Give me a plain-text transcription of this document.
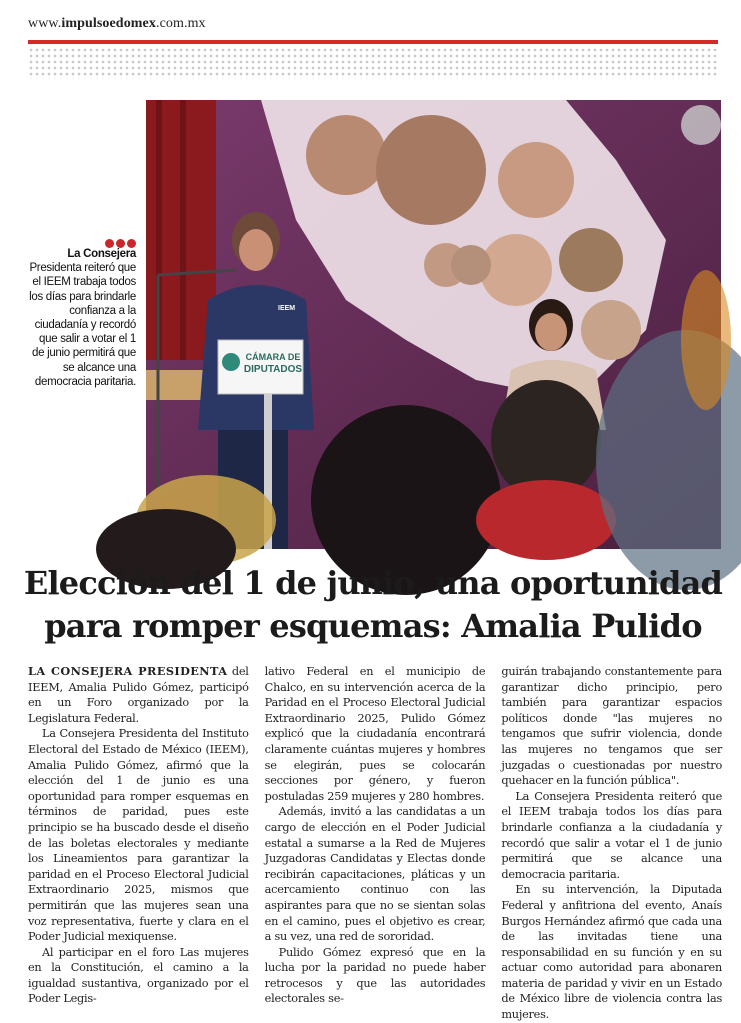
www.impulsoedomex.com.mx
CÁMARA DE
DIPUTADOS
IEEM

La Consejera Presidenta reiteró que el IEEM trabaja todos los días para brindarle confianza a la ciudadanía y recordó que salir a votar el 1 de junio permitirá que se alcance una democracia paritaria.

Elección del 1 de junio, una oportunidad para romper esquemas: Amalia Pulido

LA CONSEJERA PRESIDENTA del IEEM, Amalia Pulido Gómez, participó en un Foro organizado por la Legislatura Federal.

La Consejera Presidenta del Instituto Electoral del Estado de México (IEEM), Amalia Pulido Gómez, afirmó que la elección del 1 de junio es una oportunidad para romper esquemas en términos de paridad, pues este principio se ha buscado desde el diseño de las boletas electorales y mediante los Lineamientos para garantizar la paridad en el Proceso Electoral Judicial Extraordinario 2025, mismos que permitirán que las mujeres sean una voz representativa, fuerte y clara en el Poder Judicial mexiquense.

Al participar en el foro Las mujeres en la Constitución, el camino a la igualdad sustantiva, organizado por el Poder Legis-

lativo Federal en el municipio de Chalco, en su intervención acerca de la Paridad en el Proceso Electoral Judicial Extraordinario 2025, Pulido Gómez explicó que la ciudadanía encontrará claramente cuántas mujeres y hombres se elegirán, pues se colocarán secciones por género, y fueron postuladas 259 mujeres y 280 hombres.

Además, invitó a las candidatas a un cargo de elección en el Poder Judicial estatal a sumarse a la Red de Mujeres Juzgadoras Candidatas y Electas donde recibirán capacitaciones, pláticas y un acercamiento continuo con las aspirantes para que no se sientan solas en el camino, pues el objetivo es crear, a su vez, una red de sororidad.

Pulido Gómez expresó que en la lucha por la paridad no puede haber retrocesos y que las autoridades electorales se-

guirán trabajando constantemente para garantizar dicho principio, pero también para garantizar espacios políticos donde "las mujeres no tengamos que sufrir violencia, donde las mujeres no tengamos que ser juzgadas o cuestionadas por nuestro quehacer en la función pública".

La Consejera Presidenta reiteró que el IEEM trabaja todos los días para brindarle confianza a la ciudadanía y recordó que salir a votar el 1 de junio permitirá que se alcance una democracia paritaria.

En su intervención, la Diputada Federal y anfitriona del evento, Anaís Burgos Hernández afirmó que cada una de las invitadas tiene una responsabilidad en su función y en su actuar como autoridad para abonaren materia de paridad y vivir en un Estado de México libre de violencia contra las mujeres.
